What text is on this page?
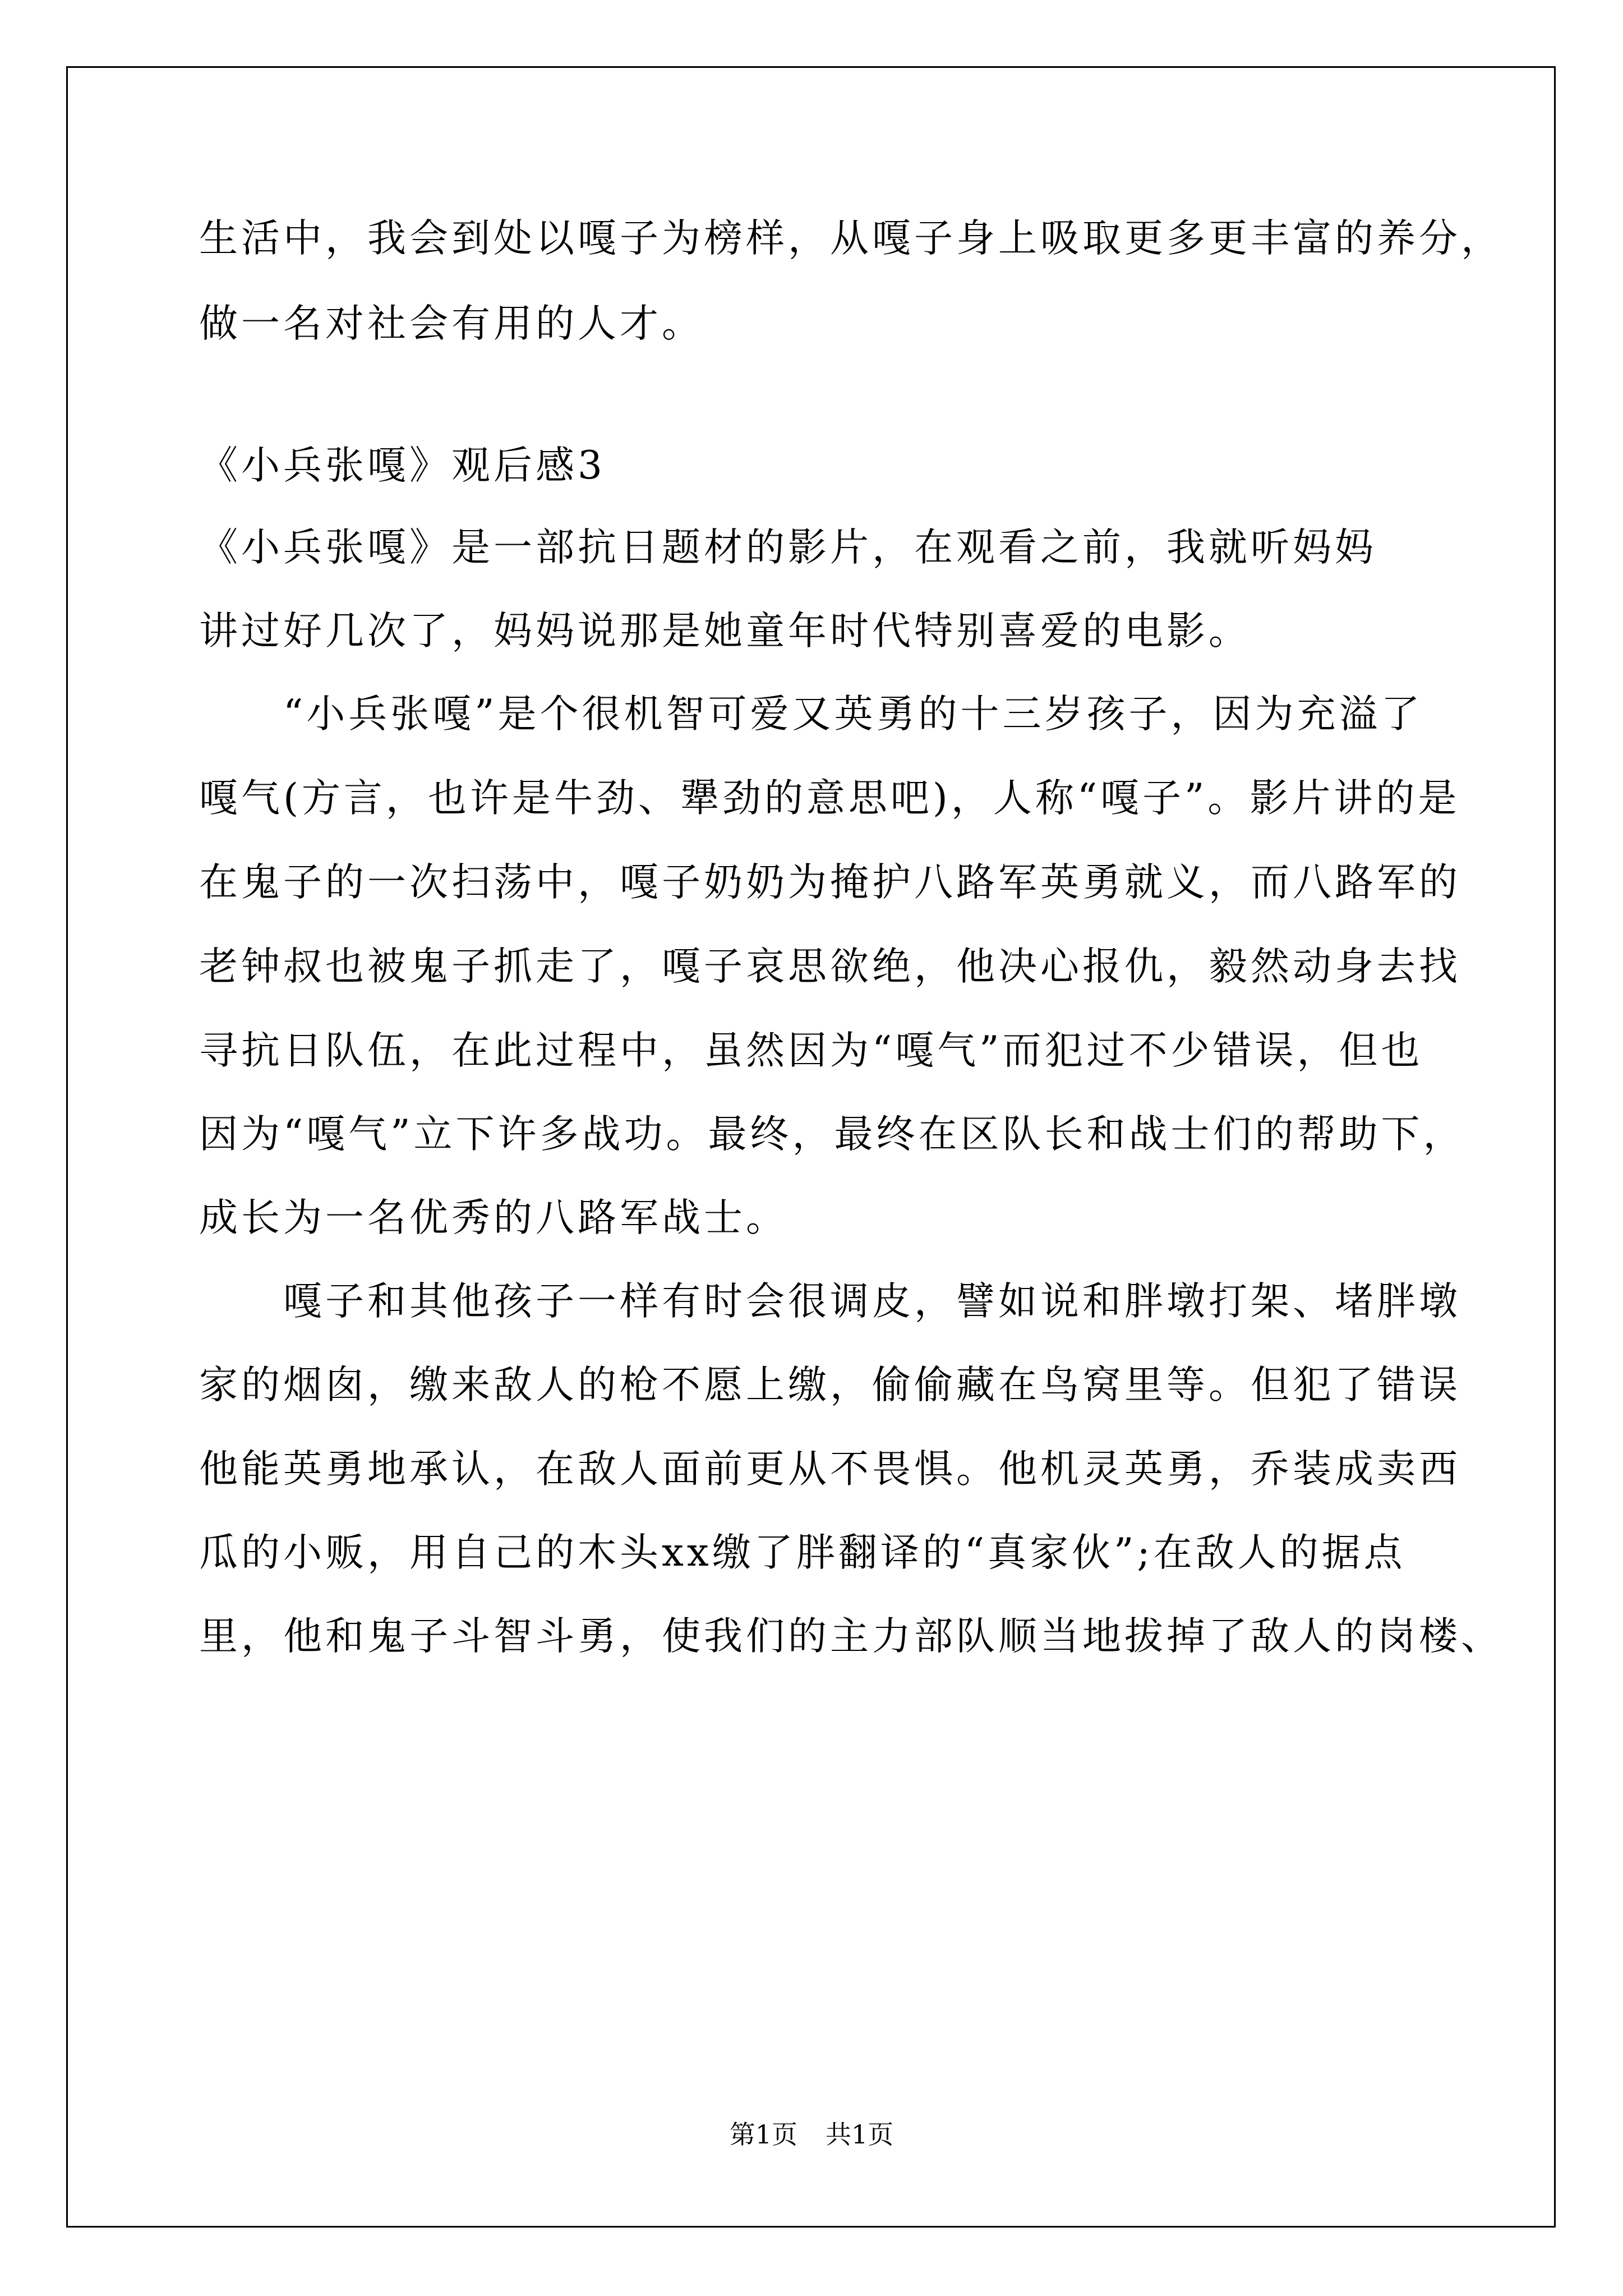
生活中，我会到处以嘎子为榜样，从嘎子身上吸取更多更丰富的养分，
做一名对社会有用的人才。
《小兵张嘎》观后感3
《小兵张嘎》是一部抗日题材的影片，在观看之前，我就听妈妈
讲过好几次了，妈妈说那是她童年时代特别喜爱的电影。
“小兵张嘎”是个很机智可爱又英勇的十三岁孩子，因为充溢了
嘎气(方言，也许是牛劲、犟劲的意思吧)，人称“嘎子”。影片讲的是
在鬼子的一次扫荡中，嘎子奶奶为掩护八路军英勇就义，而八路军的
老钟叔也被鬼子抓走了，嘎子哀思欲绝，他决心报仇，毅然动身去找
寻抗日队伍，在此过程中，虽然因为“嘎气”而犯过不少错误，但也
因为“嘎气”立下许多战功。最终，最终在区队长和战士们的帮助下，
成长为一名优秀的八路军战士。
嘎子和其他孩子一样有时会很调皮，譬如说和胖墩打架、堵胖墩
家的烟囱，缴来敌人的枪不愿上缴，偷偷藏在鸟窝里等。但犯了错误
他能英勇地承认，在敌人面前更从不畏惧。他机灵英勇，乔装成卖西
瓜的小贩，用自己的木头xx缴了胖翻译的“真家伙”;在敌人的据点
里，他和鬼子斗智斗勇，使我们的主力部队顺当地拔掉了敌人的岗楼、
第1页 共1页
